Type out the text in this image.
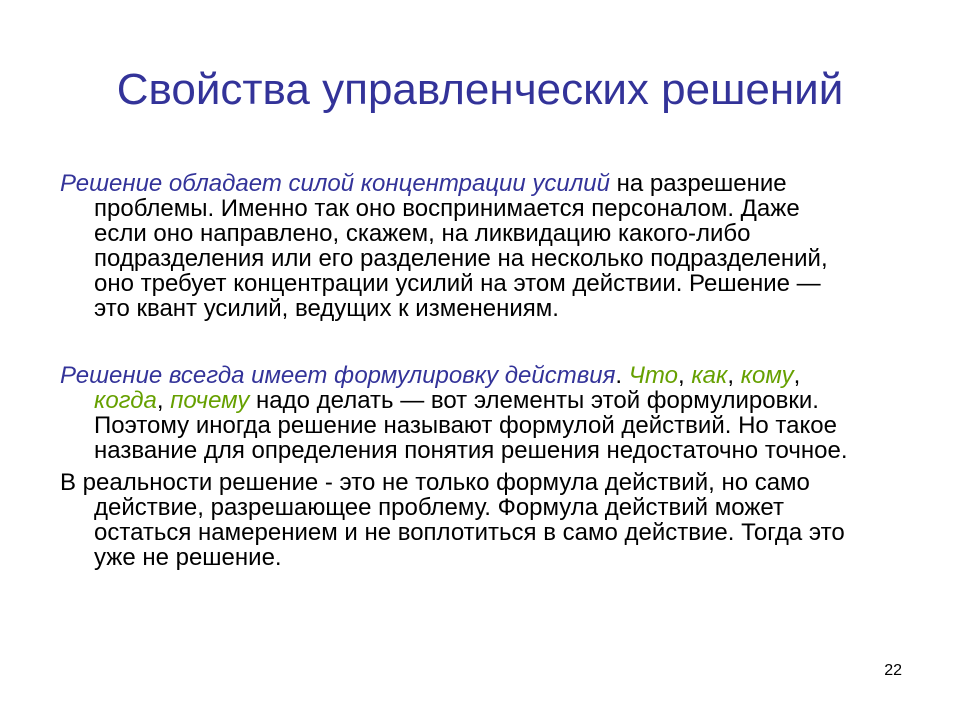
Свойства управленческих решений
Решение обладает силой концентрации усилий на разрешение
проблемы. Именно так оно воспринимается персоналом. Даже
если оно направлено, скажем, на ликвидацию какого-либо
подразделения или его разделение на несколько подразделений,
оно требует концентрации усилий на этом действии. Решение —
это квант усилий, ведущих к изменениям.
Решение всегда имеет формулировку действия. Что, как, кому,
когда, почему надо делать — вот элементы этой формулировки.
Поэтому иногда решение называют формулой действий. Но такое
название для определения понятия решения недостаточно точное.
В реальности решение - это не только формула действий, но само
действие, разрешающее проблему. Формула действий может
остаться намерением и не воплотиться в само действие. Тогда это
уже не решение.
22
